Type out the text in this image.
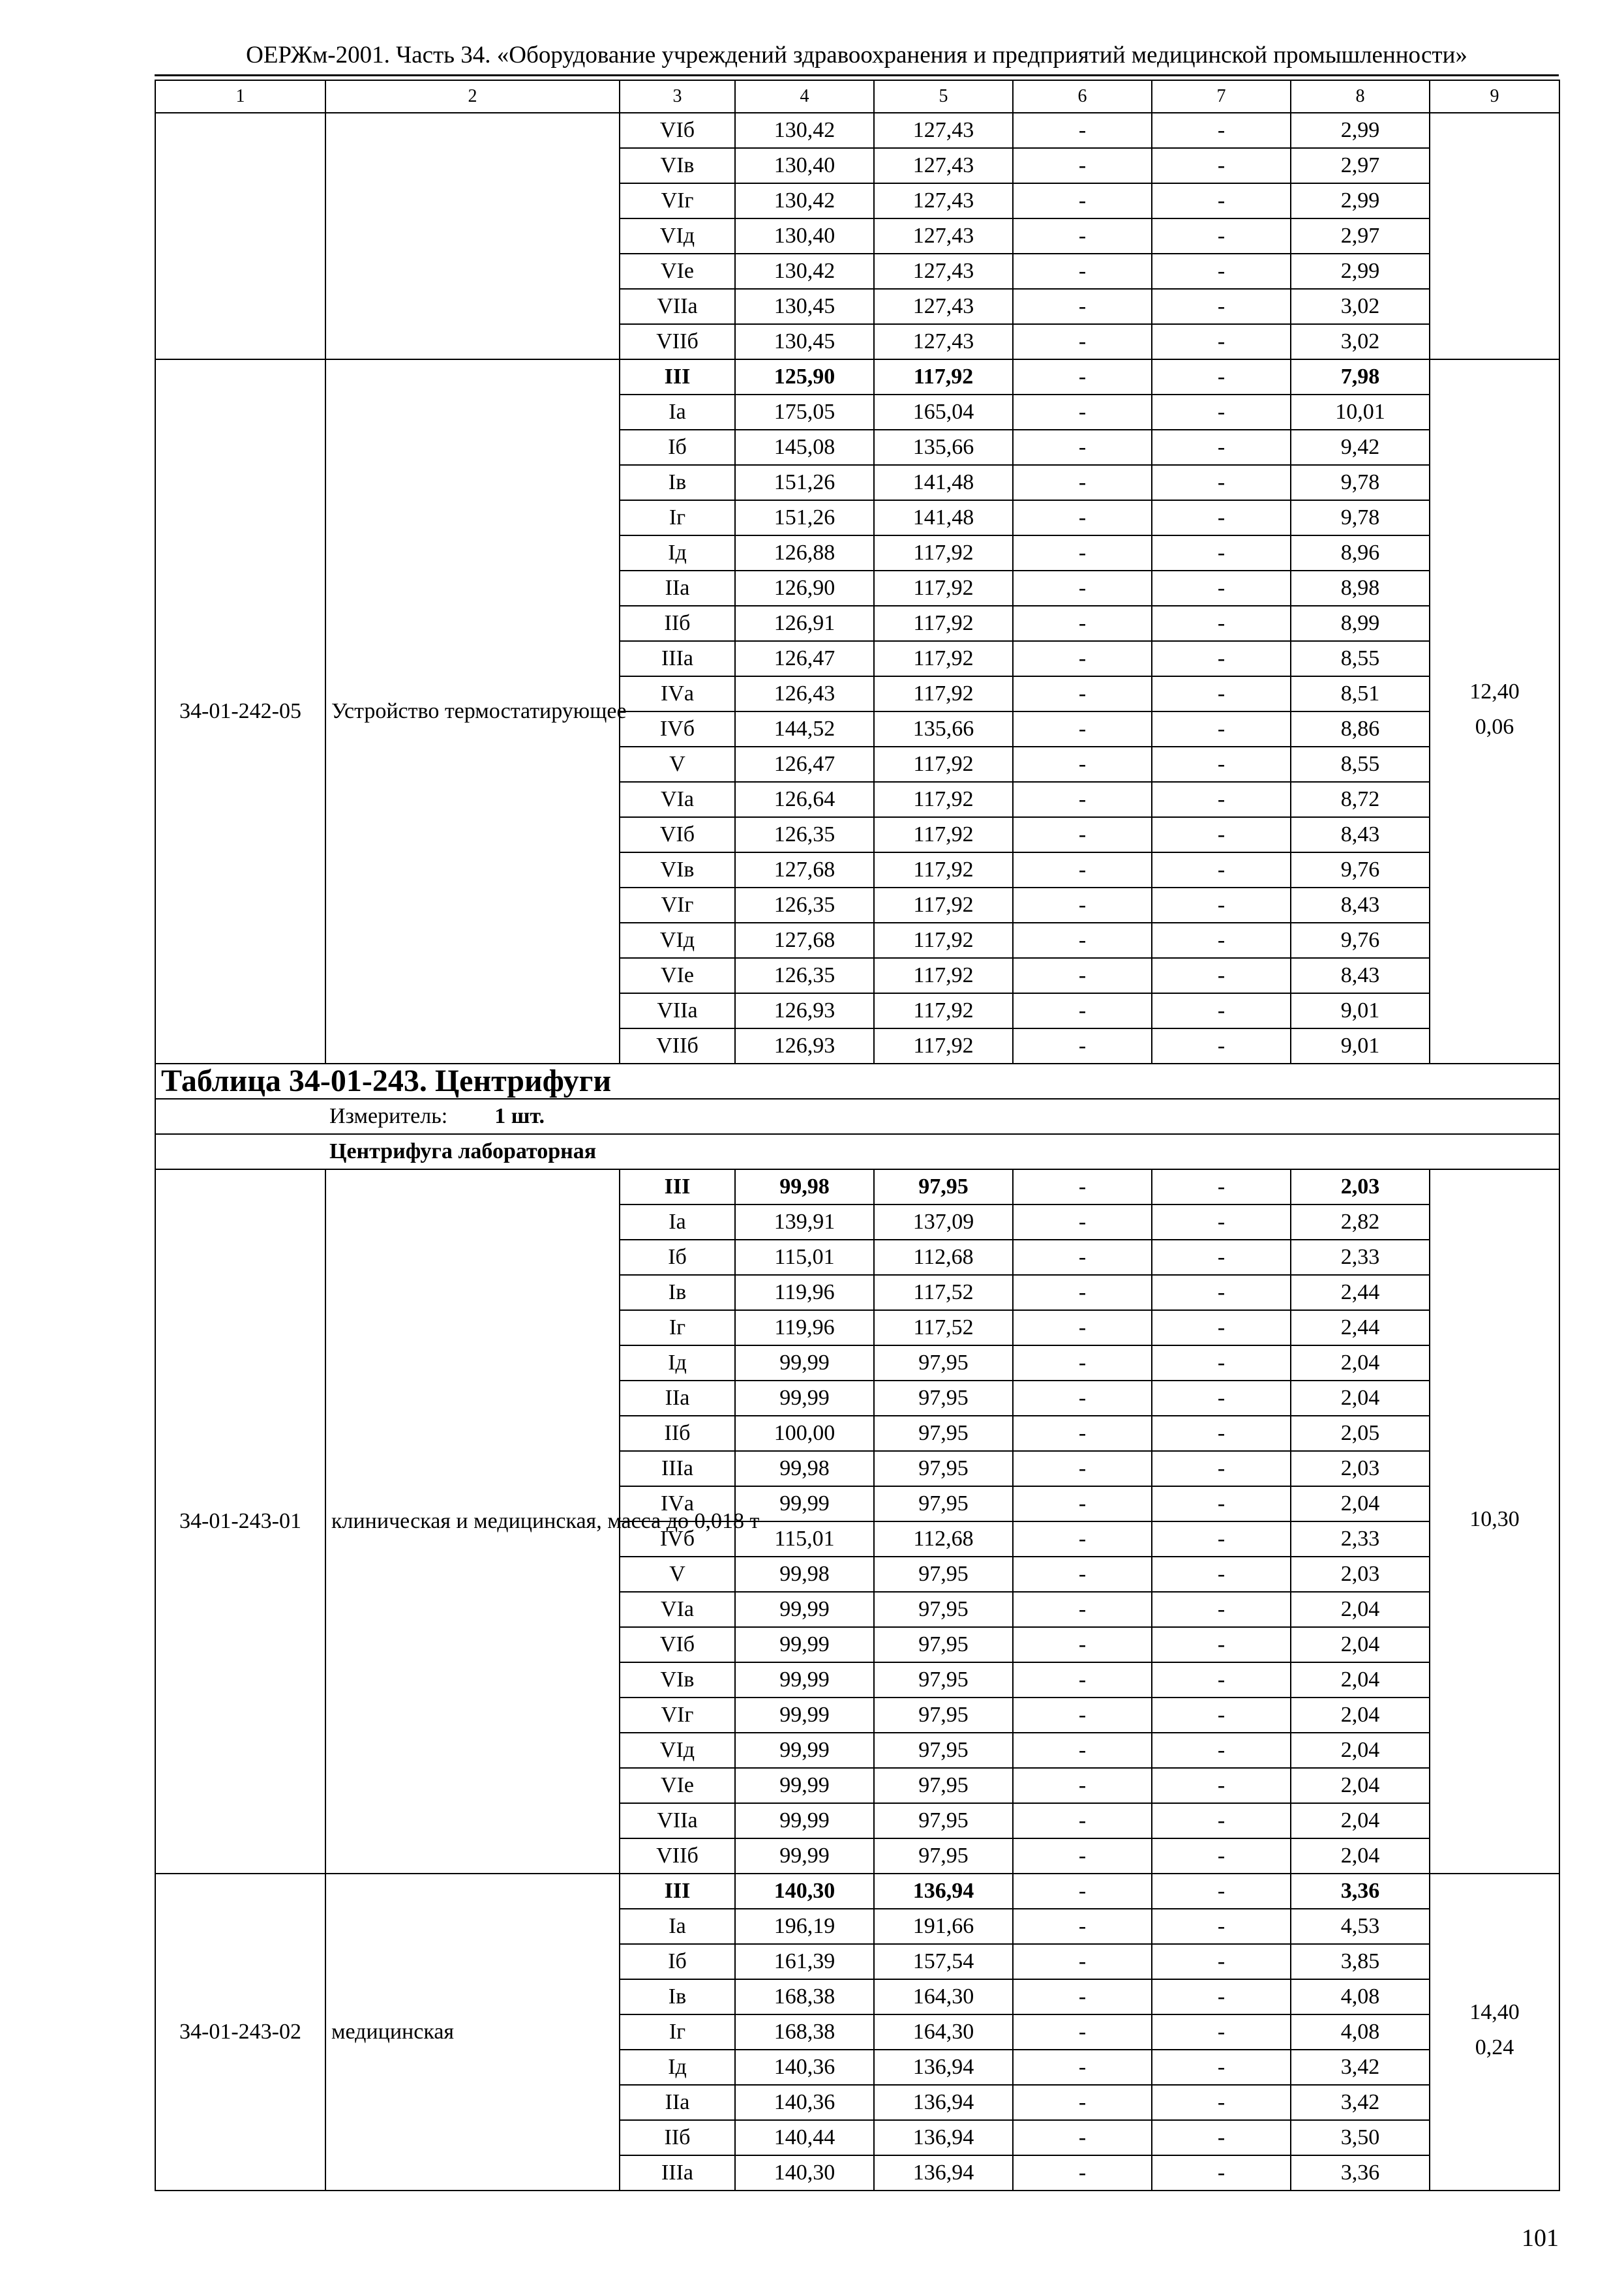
ОЕРЖм-2001. Часть 34. «Оборудование учреждений здравоохранения и предприятий медицинской промышленности»
1	2	3	4	5	6	7	8	9
		VIб	130,42	127,43	-	-	2,99	
		VIв	130,40	127,43	-	-	2,97	
		VIг	130,42	127,43	-	-	2,99	
		VIд	130,40	127,43	-	-	2,97	
		VIе	130,42	127,43	-	-	2,99	
		VIIа	130,45	127,43	-	-	3,02	
		VIIб	130,45	127,43	-	-	3,02	
34-01-242-05	Устройство термостатирующее	III	125,90	117,92	-	-	7,98	12,40
0,06

		Iа	175,05	165,04	-	-	10,01	
		Iб	145,08	135,66	-	-	9,42	
		Iв	151,26	141,48	-	-	9,78	
		Iг	151,26	141,48	-	-	9,78	
		Iд	126,88	117,92	-	-	8,96	
		IIа	126,90	117,92	-	-	8,98	
		IIб	126,91	117,92	-	-	8,99	
		IIIа	126,47	117,92	-	-	8,55	
		IVа	126,43	117,92	-	-	8,51	
		IVб	144,52	135,66	-	-	8,86	
		V	126,47	117,92	-	-	8,55	
		VIа	126,64	117,92	-	-	8,72	
		VIб	126,35	117,92	-	-	8,43	
		VIв	127,68	117,92	-	-	9,76	
		VIг	126,35	117,92	-	-	8,43	
		VIд	127,68	117,92	-	-	9,76	
		VIе	126,35	117,92	-	-	8,43	
		VIIа	126,93	117,92	-	-	9,01	
		VIIб	126,93	117,92	-	-	9,01	
Таблица 34-01-243. Центрифуги								
Измеритель: 1 шт.								
Центрифуга лабораторная								
34-01-243-01	клиническая и медицинская, масса до 0,018 т	III	99,98	97,95	-	-	2,03	10,30

		Iа	139,91	137,09	-	-	2,82	
		Iб	115,01	112,68	-	-	2,33	
		Iв	119,96	117,52	-	-	2,44	
		Iг	119,96	117,52	-	-	2,44	
		Iд	99,99	97,95	-	-	2,04	
		IIа	99,99	97,95	-	-	2,04	
		IIб	100,00	97,95	-	-	2,05	
		IIIа	99,98	97,95	-	-	2,03	
		IVа	99,99	97,95	-	-	2,04	
		IVб	115,01	112,68	-	-	2,33	
		V	99,98	97,95	-	-	2,03	
		VIа	99,99	97,95	-	-	2,04	
		VIб	99,99	97,95	-	-	2,04	
		VIв	99,99	97,95	-	-	2,04	
		VIг	99,99	97,95	-	-	2,04	
		VIд	99,99	97,95	-	-	2,04	
		VIе	99,99	97,95	-	-	2,04	
		VIIа	99,99	97,95	-	-	2,04	
		VIIб	99,99	97,95	-	-	2,04	
34-01-243-02	медицинская	III	140,30	136,94	-	-	3,36	14,40
0,24

		Iа	196,19	191,66	-	-	4,53	
		Iб	161,39	157,54	-	-	3,85	
		Iв	168,38	164,30	-	-	4,08	
		Iг	168,38	164,30	-	-	4,08	
		Iд	140,36	136,94	-	-	3,42	
		IIа	140,36	136,94	-	-	3,42	
		IIб	140,44	136,94	-	-	3,50	
		IIIа	140,30	136,94	-	-	3,36	
101
